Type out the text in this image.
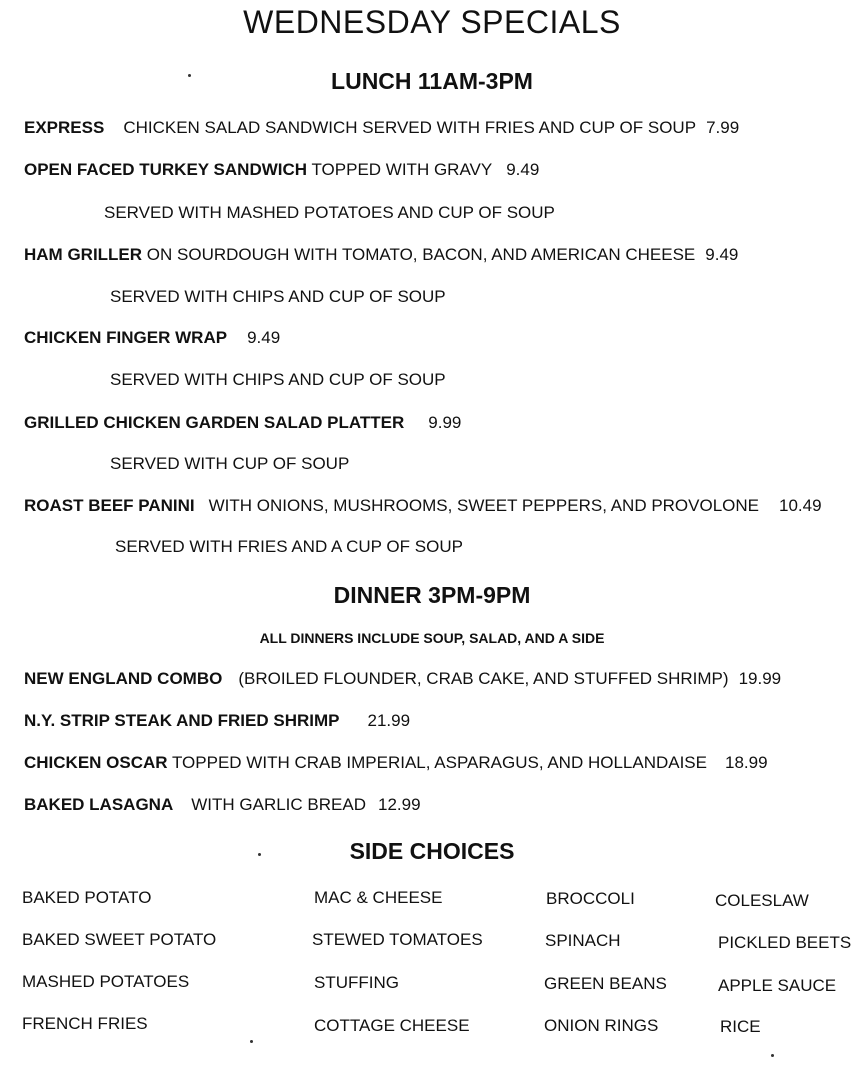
WEDNESDAY SPECIALS
LUNCH 11AM-3PM
EXPRESS CHICKEN SALAD SANDWICH SERVED WITH FRIES AND CUP OF SOUP 7.99
OPEN FACED TURKEY SANDWICH TOPPED WITH GRAVY 9.49
SERVED WITH MASHED POTATOES AND CUP OF SOUP
HAM GRILLER ON SOURDOUGH WITH TOMATO, BACON, AND AMERICAN CHEESE 9.49
SERVED WITH CHIPS AND CUP OF SOUP
CHICKEN FINGER WRAP 9.49
SERVED WITH CHIPS AND CUP OF SOUP
GRILLED CHICKEN GARDEN SALAD PLATTER 9.99
SERVED WITH CUP OF SOUP
ROAST BEEF PANINI WITH ONIONS, MUSHROOMS, SWEET PEPPERS, AND PROVOLONE 10.49
SERVED WITH FRIES AND A CUP OF SOUP
DINNER 3PM-9PM
ALL DINNERS INCLUDE SOUP, SALAD, AND A SIDE
NEW ENGLAND COMBO (BROILED FLOUNDER, CRAB CAKE, AND STUFFED SHRIMP) 19.99
N.Y. STRIP STEAK AND FRIED SHRIMP 21.99
CHICKEN OSCAR TOPPED WITH CRAB IMPERIAL, ASPARAGUS, AND HOLLANDAISE 18.99
BAKED LASAGNA WITH GARLIC BREAD 12.99
SIDE CHOICES
BAKED POTATO
BAKED SWEET POTATO
MASHED POTATOES
FRENCH FRIES
MAC & CHEESE
STEWED TOMATOES
STUFFING
COTTAGE CHEESE
BROCCOLI
SPINACH
GREEN BEANS
ONION RINGS
COLESLAW
PICKLED BEETS
APPLE SAUCE
RICE
